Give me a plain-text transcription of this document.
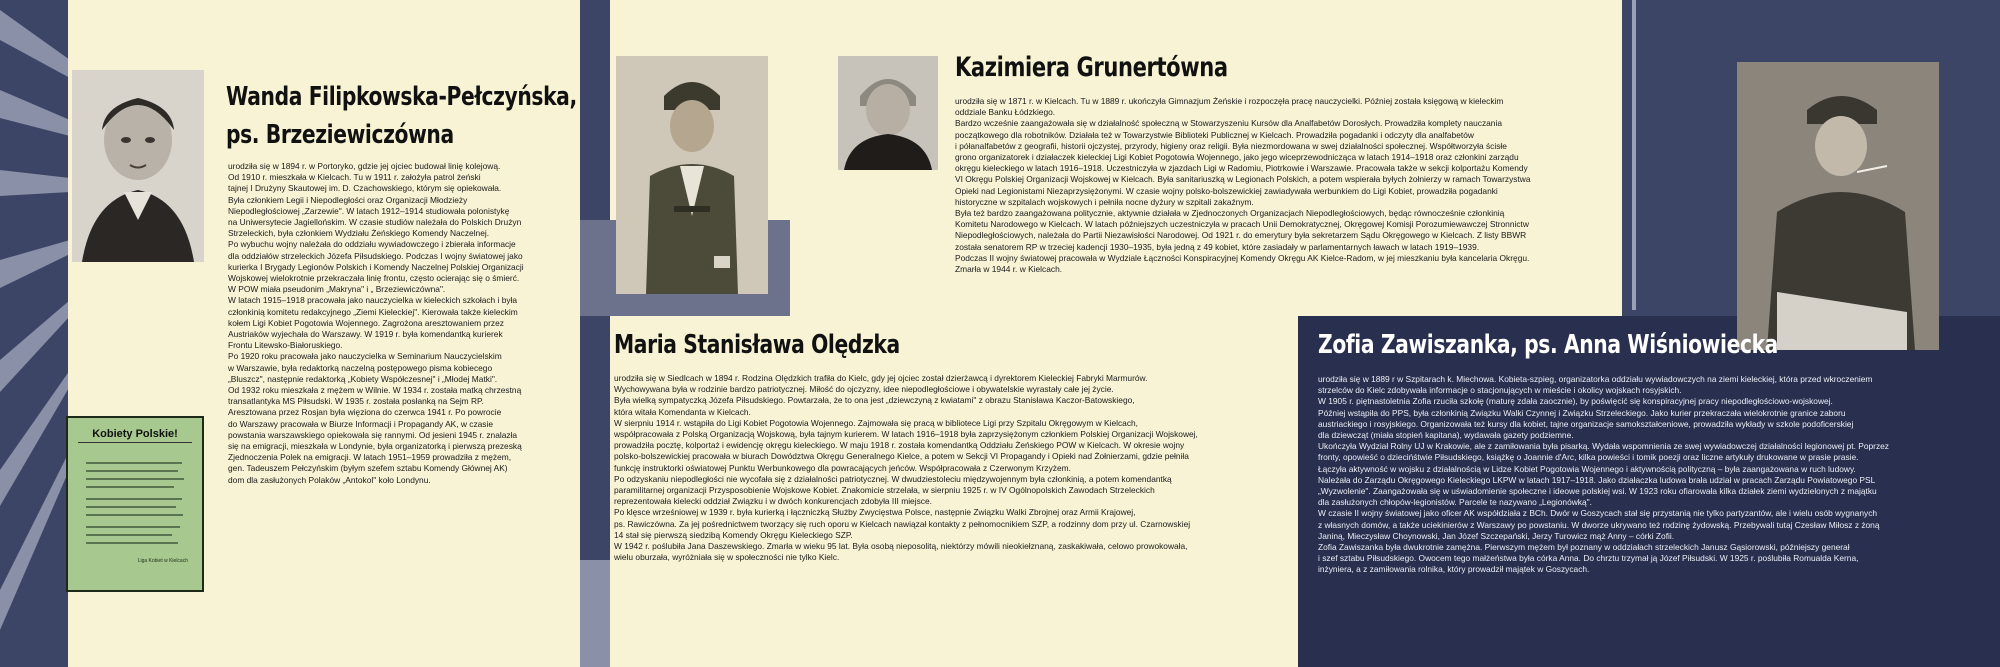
Wanda Filipkowska-Pełczyńska,
ps. Brzeziewiczówna

urodziła się w 1894 r. w Portoryko, gdzie jej ojciec budował linię kolejową.

Od 1910 r. mieszkała w Kielcach. Tu w 1911 r. założyła patrol żeński

tajnej I Drużyny Skautowej im. D. Czachowskiego, którym się opiekowała.

Była członkiem Legii i Niepodległości oraz Organizacji Młodzieży

Niepodległościowej „Zarzewie". W latach 1912–1914 studiowała polonistykę

na Uniwersytecie Jagiellońskim. W czasie studiów należała do Polskich Drużyn

Strzeleckich, była członkiem Wydziału Żeńskiego Komendy Naczelnej.

Po wybuchu wojny należała do oddziału wywiadowczego i zbierała informacje

dla oddziałów strzeleckich Józefa Piłsudskiego. Podczas I wojny światowej jako

kurierka I Brygady Legionów Polskich i Komendy Naczelnej Polskiej Organizacji

Wojskowej wielokrotnie przekraczała linię frontu, często ocierając się o śmierć.

W POW miała pseudonim „Makryna" i „ Brzeziewiczówna".

W latach 1915–1918 pracowała jako nauczycielka w kieleckich szkołach i była

członkinią komitetu redakcyjnego „Ziemi Kieleckiej". Kierowała także kieleckim

kołem Ligi Kobiet Pogotowia Wojennego. Zagrożona aresztowaniem przez

Austriaków wyjechała do Warszawy. W 1919 r. była komendantką kurierek

Frontu Litewsko-Białoruskiego.

Po 1920 roku pracowała jako nauczycielka w Seminarium Nauczycielskim

w Warszawie, była redaktorką naczelną postępowego pisma kobiecego

„Bluszcz", następnie redaktorką „Kobiety Współczesnej" i „Młodej Matki".

Od 1932 roku mieszkała z mężem w Wilnie. W 1934 r. została matką chrzestną

transatlantyka MS Piłsudski. W 1935 r. została posłanką na Sejm RP.

Aresztowana przez Rosjan była więziona do czerwca 1941 r. Po powrocie

do Warszawy pracowała w Biurze Informacji i Propagandy AK, w czasie

powstania warszawskiego opiekowała się rannymi. Od jesieni 1945 r. znalazła

się na emigracji, mieszkała w Londynie, była organizatorką i pierwszą prezeską

Zjednoczenia Polek na emigracji. W latach 1951–1959 prowadziła z mężem,

gen. Tadeuszem Pełczyńskim (byłym szefem sztabu Komendy Głównej AK)

dom dla zasłużonych Polaków „Antokol" koło Londynu.

Kobiety Polskie!
Liga Kobiet w Kielcach
Kazimiera Grunertówna

urodziła się w 1871 r. w Kielcach. Tu w 1889 r. ukończyła Gimnazjum Żeńskie i rozpoczęła pracę nauczycielki. Później została księgową w kieleckim

oddziale Banku Łódzkiego.

Bardzo wcześnie zaangażowała się w działalność społeczną w Stowarzyszeniu Kursów dla Analfabetów Dorosłych. Prowadziła komplety nauczania

początkowego dla robotników. Działała też w Towarzystwie Biblioteki Publicznej w Kielcach. Prowadziła pogadanki i odczyty dla analfabetów

i półanalfabetów z geografii, historii ojczystej, przyrody, higieny oraz religii. Była niezmordowana w swej działalności społecznej. Współtworzyła ścisłe

grono organizatorek i działaczek kieleckiej Ligi Kobiet Pogotowia Wojennego, jako jego wiceprzewodnicząca w latach 1914–1918 oraz członkini zarządu

okręgu kieleckiego w latach 1916–1918. Uczestniczyła w zjazdach Ligi w Radomiu, Piotrkowie i Warszawie. Pracowała także w sekcji kolportażu Komendy

VI Okręgu Polskiej Organizacji Wojskowej w Kielcach. Była sanitariuszką w Legionach Polskich, a potem wspierała byłych żołnierzy w ramach Towarzystwa

Opieki nad Legionistami Niezaprzysiężonymi. W czasie wojny polsko-bolszewickiej zawiadywała werbunkiem do Ligi Kobiet, prowadziła pogadanki

historyczne w szpitalach wojskowych i pełniła nocne dyżury w szpitali zakaźnym.

Była też bardzo zaangażowana politycznie, aktywnie działała w Zjednoczonych Organizacjach Niepodległościowych, będąc równocześnie członkinią

Komitetu Narodowego w Kielcach. W latach późniejszych uczestniczyła w pracach Unii Demokratycznej, Okręgowej Komisji Porozumiewawczej Stronnictw

Niepodległościowych, należała do Partii Niezawisłości Narodowej. Od 1921 r. do emerytury była sekretarzem Sądu Okręgowego w Kielcach. Z listy BBWR

została senatorem RP w trzeciej kadencji 1930–1935, była jedną z 49 kobiet, które zasiadały w parlamentarnych ławach w latach 1919–1939.

Podczas II wojny światowej pracowała w Wydziale Łączności Konspiracyjnej Komendy Okręgu AK Kielce-Radom, w jej mieszkaniu była kancelaria Okręgu.

Zmarła w 1944 r. w Kielcach.

Maria Stanisława Olędzka

urodziła się w Siedlcach w 1894 r. Rodzina Olędzkich trafiła do Kielc, gdy jej ojciec został dzierżawcą i dyrektorem Kieleckiej Fabryki Marmurów.

Wychowywana była w rodzinie bardzo patriotycznej. Miłość do ojczyzny, idee niepodległościowe i obywatelskie wyrastały całe jej życie.

Była wielką sympatyczką Józefa Piłsudskiego. Powtarzała, że to ona jest „dziewczyną z kwiatami" z obrazu Stanisława Kaczor-Batowskiego,

która witała Komendanta w Kielcach.

W sierpniu 1914 r. wstąpiła do Ligi Kobiet Pogotowia Wojennego. Zajmowała się pracą w bibliotece Ligi przy Szpitalu Okręgowym w Kielcach,

współpracowała z Polską Organizacją Wojskową, była tajnym kurierem. W latach 1916–1918 była zaprzysiężonym członkiem Polskiej Organizacji Wojskowej,

prowadziła pocztę, kolportaż i ewidencję okręgu kieleckiego. W maju 1918 r. została komendantką Oddziału Żeńskiego POW w Kielcach. W okresie wojny

polsko-bolszewickiej pracowała w biurach Dowództwa Okręgu Generalnego Kielce, a potem w Sekcji VI Propagandy i Opieki nad Żołnierzami, gdzie pełniła

funkcję instruktorki oświatowej Punktu Werbunkowego dla powracających jeńców. Współpracowała z Czerwonym Krzyżem.

Po odzyskaniu niepodległości nie wycofała się z działalności patriotycznej. W dwudziestoleciu międzywojennym była członkinią, a potem komendantką

paramilitarnej organizacji Przysposobienie Wojskowe Kobiet. Znakomicie strzelała, w sierpniu 1925 r. w IV Ogólnopolskich Zawodach Strzeleckich

reprezentowała kielecki oddział Związku i w dwóch konkurencjach zdobyła III miejsce.

Po klęsce wrześniowej w 1939 r. była kurierką i łączniczką Służby Zwycięstwa Polsce, następnie Związku Walki Zbrojnej oraz Armii Krajowej,

ps. Rawiczówna. Za jej pośrednictwem tworzący się ruch oporu w Kielcach nawiązał kontakty z pełnomocnikiem SZP, a rodzinny dom przy ul. Czarnowskiej

14 stał się pierwszą siedzibą Komendy Okręgu Kieleckiego SZP.

W 1942 r. poślubiła Jana Daszewskiego. Zmarła w wieku 95 lat. Była osobą nieposolitą, niektórzy mówili nieokiełznaną, zaskakiwała, celowo prowokowała,

wielu oburzała, wyróżniała się w społeczności nie tylko Kielc.

Zofia Zawiszanka, ps. Anna Wiśniowiecka

urodziła się w 1889 r w Szpitarach k. Miechowa. Kobieta-szpieg, organizatorka oddziału wywiadowczych na ziemi kieleckiej, która przed wkroczeniem

strzelców do Kielc zdobywała informacje o stacjonujących w mieście i okolicy wojskach rosyjskich.

W 1905 r. piętnastoletnia Zofia rzuciła szkołę (maturę zdała zaocznie), by poświęcić się konspiracyjnej pracy niepodległościowo-wojskowej.

Później wstąpiła do PPS, była członkinią Związku Walki Czynnej i Związku Strzeleckiego. Jako kurier przekraczała wielokrotnie granice zaboru

austriackiego i rosyjskiego. Organizowała też kursy dla kobiet, tajne organizacje samokształceniowe, prowadziła wykłady w szkole podoficerskiej

dla dziewcząt (miała stopień kapitana), wydawała gazety podziemne.

Ukończyła Wydział Rolny UJ w Krakowie, ale z zamiłowania była pisarką. Wydała wspomnienia ze swej wywiadowczej działalności legionowej pt. Poprzez

fronty, opowieść o dziecińśtwie Piłsudskiego, książkę o Joannie d'Arc, kilka powieści i tomik poezji oraz liczne artykuły drukowane w prasie prasie.

Łączyła aktywność w wojsku z działalnością w Lidze Kobiet Pogotowia Wojennego i aktywnością polityczną – była zaangażowana w ruch ludowy.

Należała do Zarządu Okręgowego Kieleckiego LKPW w latach 1917–1918. Jako działaczka ludowa brała udział w pracach Zarządu Powiatowego PSL

„Wyzwolenie". Zaangażowała się w uświadomienie społeczne i ideowe polskiej wsi. W 1923 roku ofiarowała kilka działek ziemi wydzielonych z majątku

dla zasłużonych chłopów-legionistów. Parcele te nazywano „Legionówką".

W czasie II wojny światowej jako oficer AK współdziała z BCh. Dwór w Goszycach stał się przystanią nie tylko partyzantów, ale i wielu osób wygnanych

z własnych domów, a także uciekinierów z Warszawy po powstaniu. W dworze ukrywano też rodzinę żydowską. Przebywali tutaj Czesław Miłosz z żoną

Janiną, Mieczysław Choynowski, Jan Józef Szczepański, Jerzy Turowicz mąż Anny – córki Zofii.

Zofia Zawiszanka była dwukrotnie zamężna. Pierwszym mężem był poznany w oddziałach strzeleckich Janusz Gąsiorowski, późniejszy generał

i szef sztabu Piłsudskiego. Owocem tego małżeństwa była córka Anna. Do chrztu trzymał ją Józef Piłsudski. W 1925 r. poślubiła Romualda Kerna,

inżyniera, a z zamiłowania rolnika, który prowadził majątek w Goszycach.
